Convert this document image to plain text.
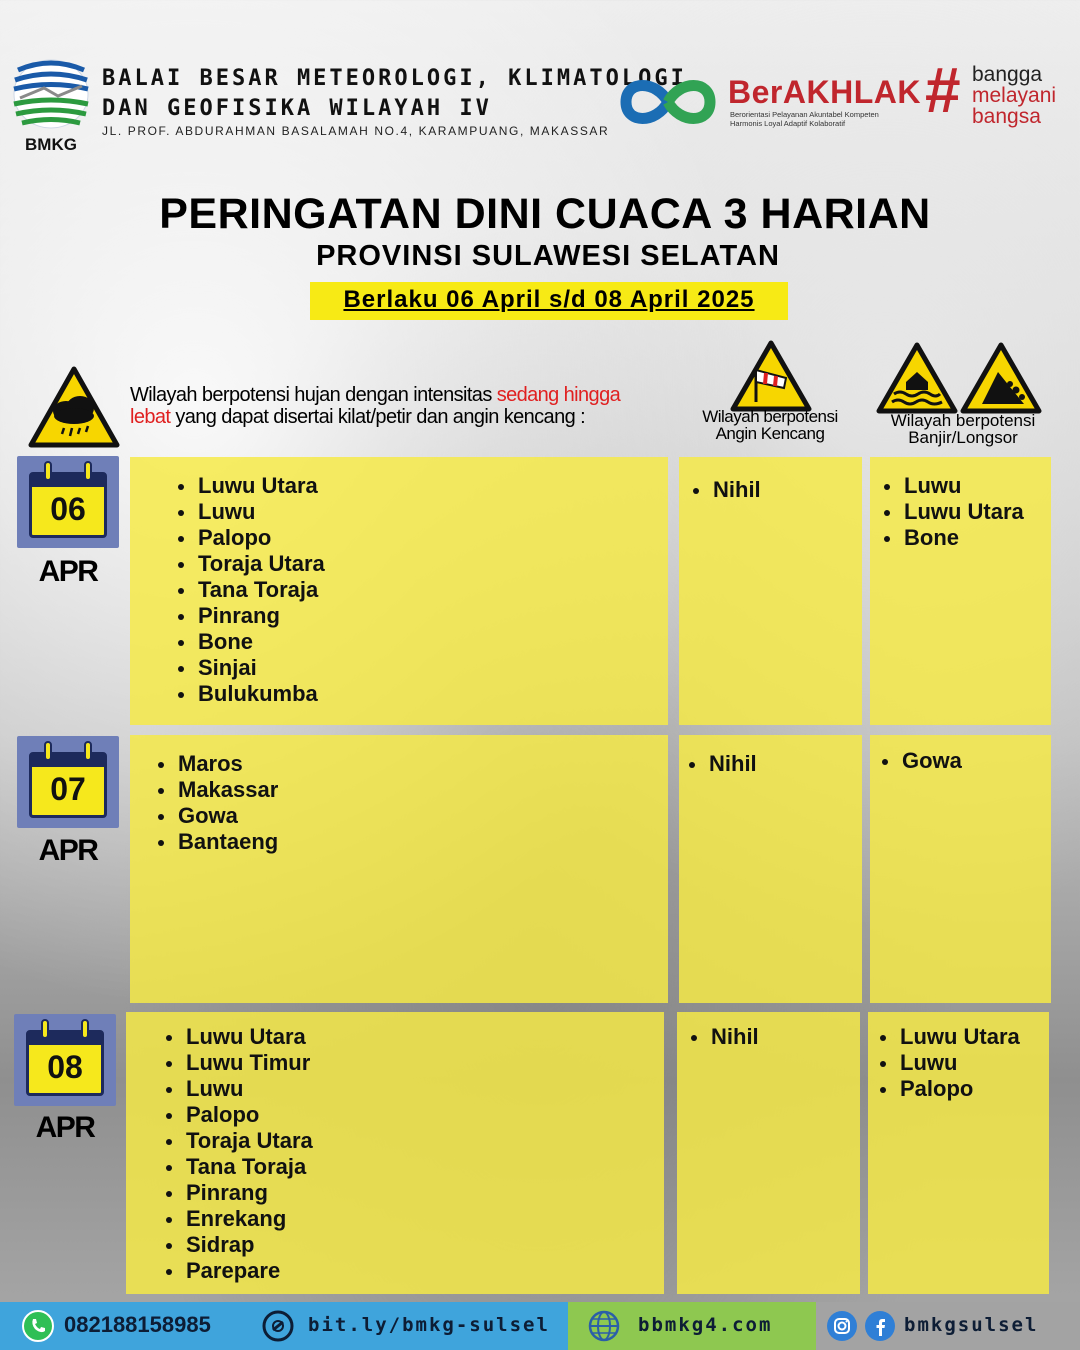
BMKG
BALAI BESAR METEOROLOGI, KLIMATOLOGI,
DAN GEOFISIKA WILAYAH IV
JL. PROF. ABDURAHMAN BASALAMAH NO.4, KARAMPUANG, MAKASSAR
BerAKHLAK
Berorientasi Pelayanan Akuntabel Kompeten
Harmonis Loyal Adaptif Kolaboratif	# bangga
melayani
bangsa
PERINGATAN DINI CUACA 3 HARIAN
PROVINSI SULAWESI SELATAN
Berlaku 06 April s/d 08 April 2025
Wilayah berpotensi hujan dengan intensitas sedang hingga lebat yang dapat disertai kilat/petir dan angin kencang :	Wilayah berpotensi
Angin Kencang
Wilayah berpotensi
Banjir/Longsor
06
APR
Luwu Utara
Luwu
Palopo
Toraja Utara
Tana Toraja
Pinrang
Bone
Sinjai
Bulukumba
Nihil	Luwu
Luwu Utara
Bone
07
APR
Maros
Makassar
Gowa
Bantaeng
Nihil	Gowa
08
APR
Luwu Utara
Luwu Timur
Luwu
Palopo
Toraja Utara
Tana Toraja
Pinrang
Enrekang
Sidrap
Parepare
Nihil	Luwu Utara
Luwu
Palopo
082188158985	bit.ly/bmkg-sulsel	bbmkg4.com	bmkgsulsel
